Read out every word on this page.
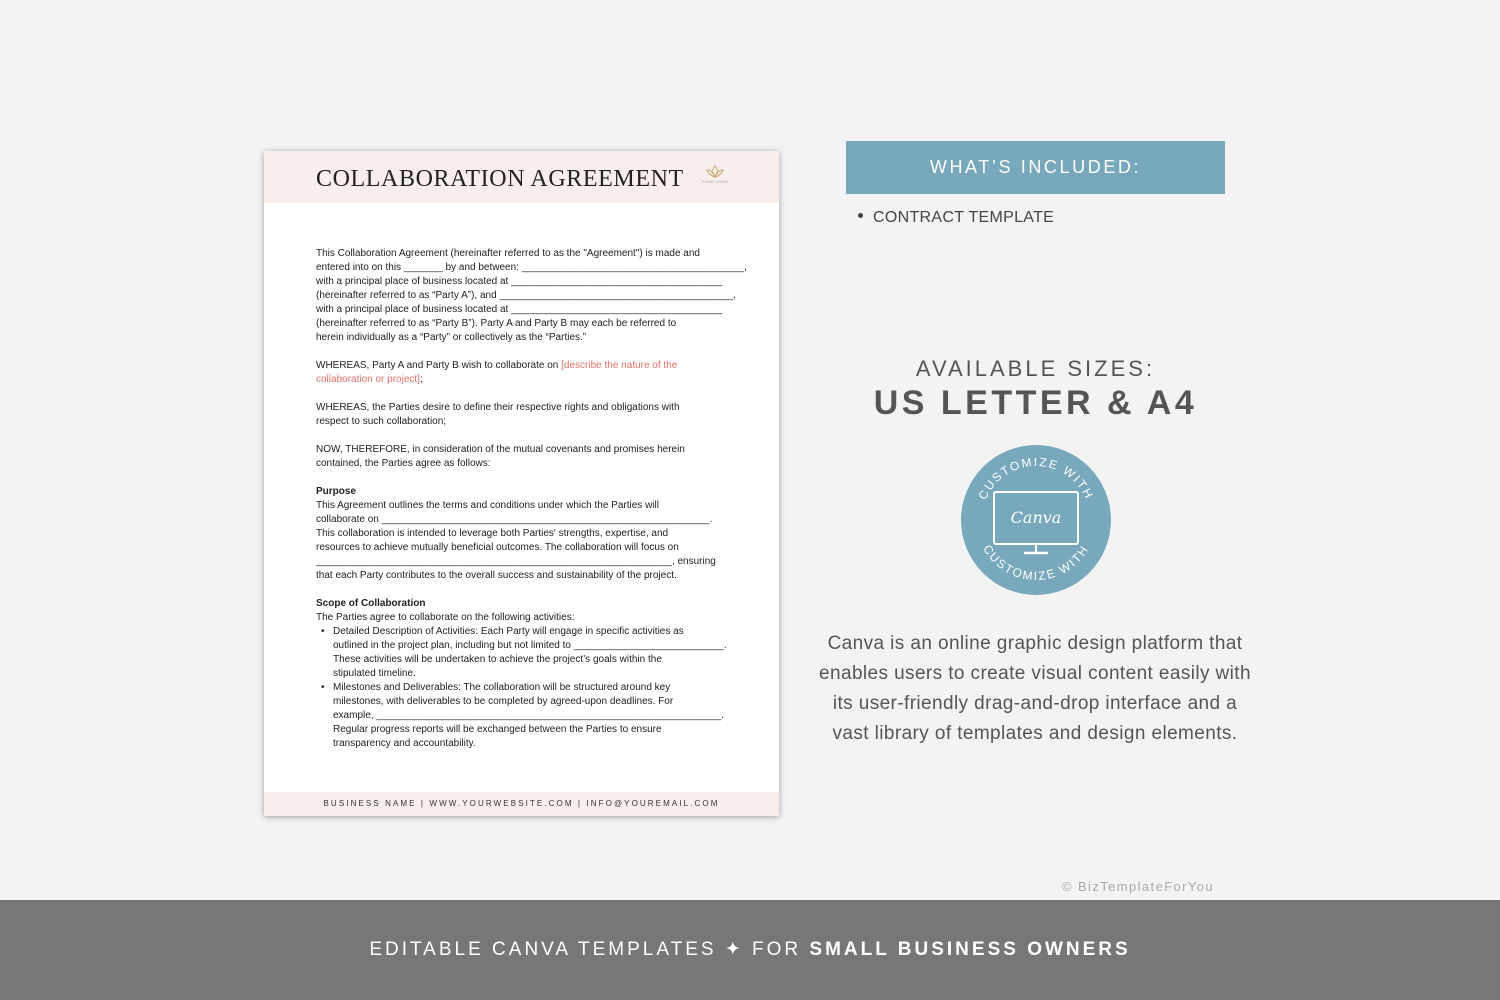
COLLABORATION AGREEMENT	YOUR LOGO

This Collaboration Agreement (hereinafter referred to as the "Agreement") is made and

entered into on this _______ by and between: ________________________________________,

with a principal place of business located at ______________________________________

(hereinafter referred to as “Party A”), and __________________________________________,

with a principal place of business located at ______________________________________

(hereinafter referred to as “Party B”). Party A and Party B may each be referred to

herein individually as a “Party” or collectively as the “Parties.”

WHEREAS, Party A and Party B wish to collaborate on [describe the nature of the

collaboration or project];

WHEREAS, the Parties desire to define their respective rights and obligations with

respect to such collaboration;

NOW, THEREFORE, in consideration of the mutual covenants and promises herein

contained, the Parties agree as follows:

Purpose

This Agreement outlines the terms and conditions under which the Parties will

collaborate on ___________________________________________________________.

This collaboration is intended to leverage both Parties' strengths, expertise, and

resources to achieve mutually beneficial outcomes. The collaboration will focus on

________________________________________________________________, ensuring

that each Party contributes to the overall success and sustainability of the project.

Scope of Collaboration

The Parties agree to collaborate on the following activities:

• Detailed Description of Activities: Each Party will engage in specific activities as

outlined in the project plan, including but not limited to ___________________________.

These activities will be undertaken to achieve the project’s goals within the

stipulated timeline.

• Milestones and Deliverables: The collaboration will be structured around key

milestones, with deliverables to be completed by agreed-upon deadlines. For

example, ______________________________________________________________.

Regular progress reports will be exchanged between the Parties to ensure

transparency and accountability.

BUSINESS NAME | WWW.YOURWEBSITE.COM | INFO@YOUREMAIL.COM
WHAT’S INCLUDED:
CONTRACT TEMPLATE
AVAILABLE SIZES:
US LETTER & A4
CUSTOMIZE WITH
CUSTOMIZE WITH
Canva
Canva is an online graphic design platform that enables users to create visual content easily with its user-friendly drag-and-drop interface and a vast library of templates and design elements.
© BizTemplateForYou
EDITABLE CANVA TEMPLATES ✦ FOR SMALL BUSINESS OWNERS
